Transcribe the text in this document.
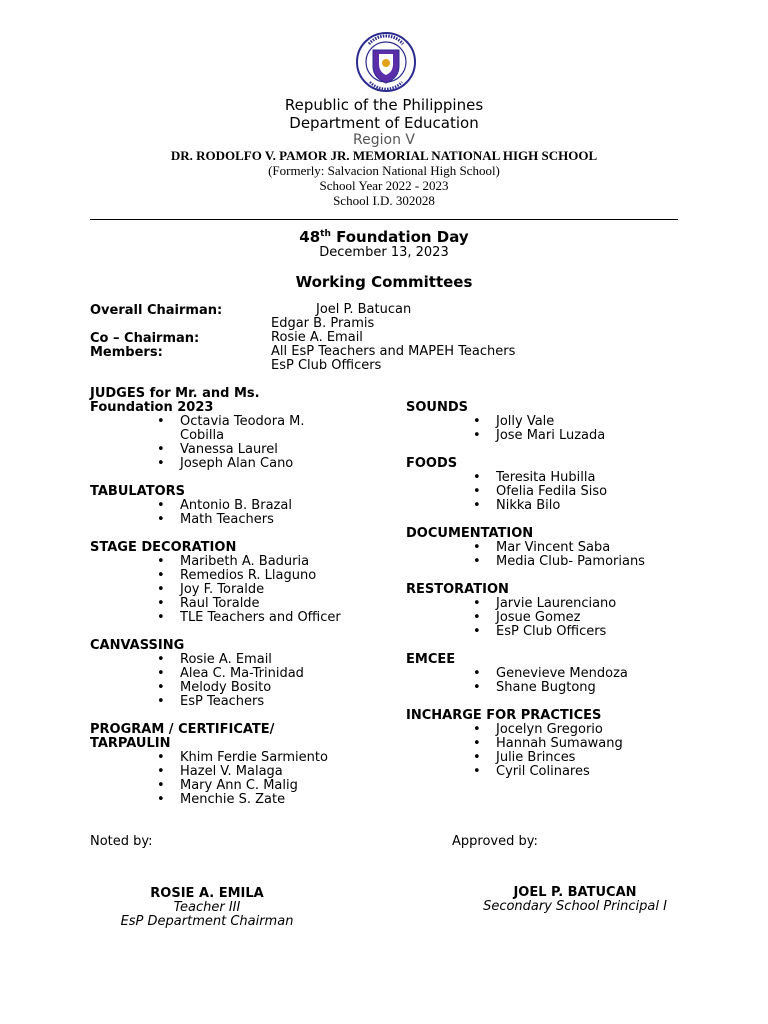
Republic of the Philippines
Department of Education
Region V
DR. RODOLFO V. PAMOR JR. MEMORIAL NATIONAL HIGH SCHOOL
(Formerly: Salvacion National High School)
School Year 2022 - 2023
School I.D. 302028
48th Foundation Day
December 13, 2023
Working Committees
Overall Chairman:	Joel P. Batucan
Edgar B. Pramis
Co – Chairman:	Rosie A. Email
Members:	All EsP Teachers and MAPEH Teachers
EsP Club Officers
JUDGES for Mr. and Ms.
Foundation 2023
• Octavia Teodora M.
Cobilla
• Vanessa Laurel
• Joseph Alan Cano
TABULATORS
• Antonio B. Brazal
• Math Teachers
STAGE DECORATION
• Maribeth A. Baduria
• Remedios R. Llaguno
• Joy F. Toralde
• Raul Toralde
• TLE Teachers and Officer
CANVASSING
• Rosie A. Email
• Alea C. Ma-Trinidad
• Melody Bosito
• EsP Teachers
PROGRAM / CERTIFICATE/
TARPAULIN
• Khim Ferdie Sarmiento
• Hazel V. Malaga
• Mary Ann C. Malig
• Menchie S. Zate
SOUNDS
• Jolly Vale
• Jose Mari Luzada
FOODS
• Teresita Hubilla
• Ofelia Fedila Siso
• Nikka Bilo
DOCUMENTATION
• Mar Vincent Saba
• Media Club- Pamorians
RESTORATION
• Jarvie Laurenciano
• Josue Gomez
• EsP Club Officers
EMCEE
• Genevieve Mendoza
• Shane Bugtong
INCHARGE FOR PRACTICES
• Jocelyn Gregorio
• Hannah Sumawang
• Julie Brinces
• Cyril Colinares
Noted by:	Approved by:
ROSIE A. EMILA
Teacher III
EsP Department Chairman
JOEL P. BATUCAN
Secondary School Principal I
